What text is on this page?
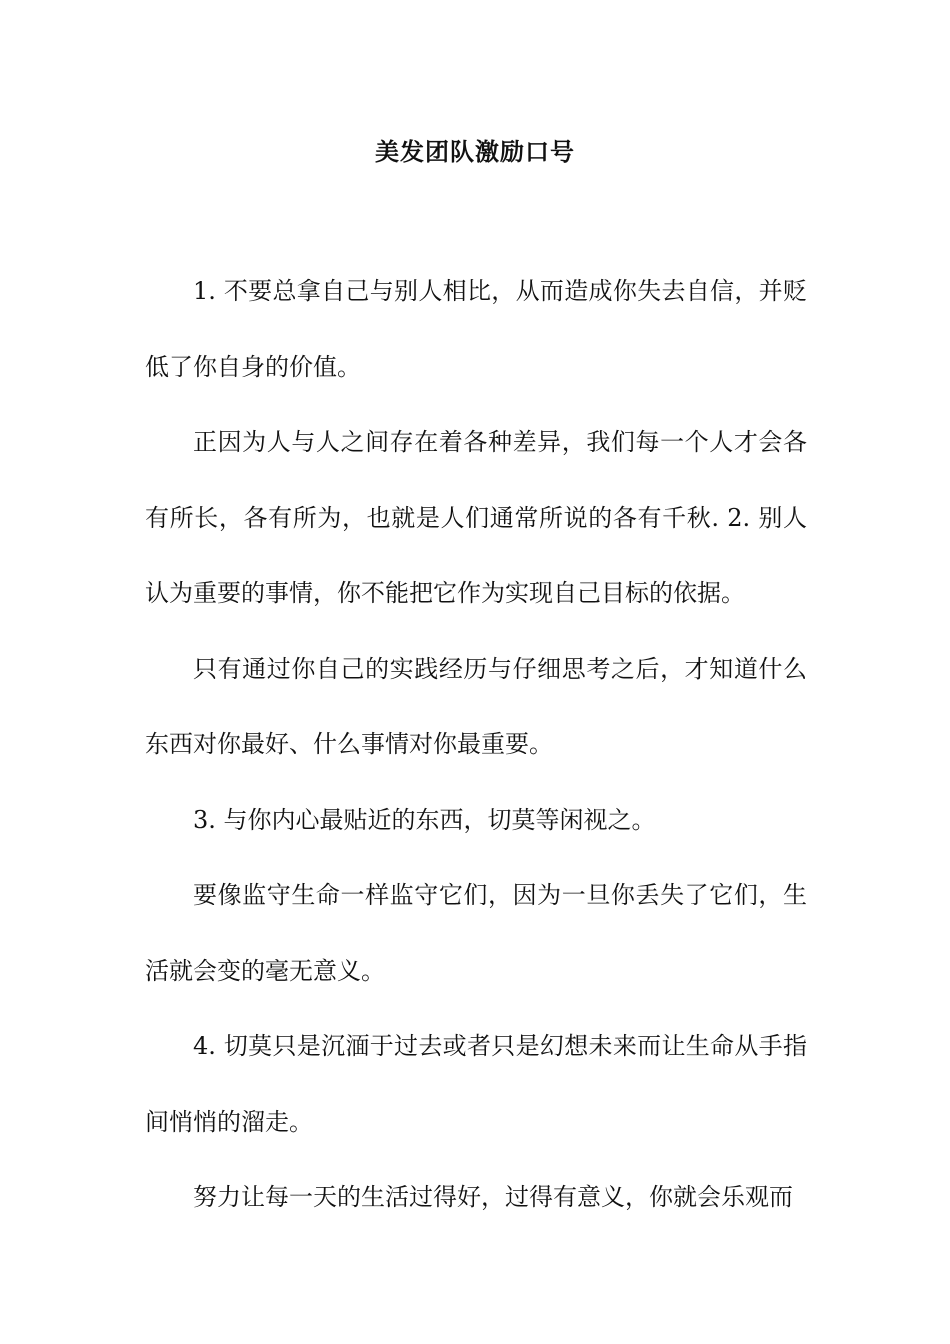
美发团队激励口号

1. 不要总拿自己与别人相比，从而造成你失去自信，并贬低了你自身的价值。

正因为人与人之间存在着各种差异，我们每一个人才会各有所长，各有所为，也就是人们通常所说的各有千秋. 2. 别人认为重要的事情，你不能把它作为实现自己目标的依据。

只有通过你自己的实践经历与仔细思考之后，才知道什么东西对你最好、什么事情对你最重要。

3. 与你内心最贴近的东西，切莫等闲视之。

要像监守生命一样监守它们，因为一旦你丢失了它们，生活就会变的毫无意义。

4. 切莫只是沉湎于过去或者只是幻想未来而让生命从手指间悄悄的溜走。

努力让每一天的生活过得好，过得有意义，你就会乐观而
